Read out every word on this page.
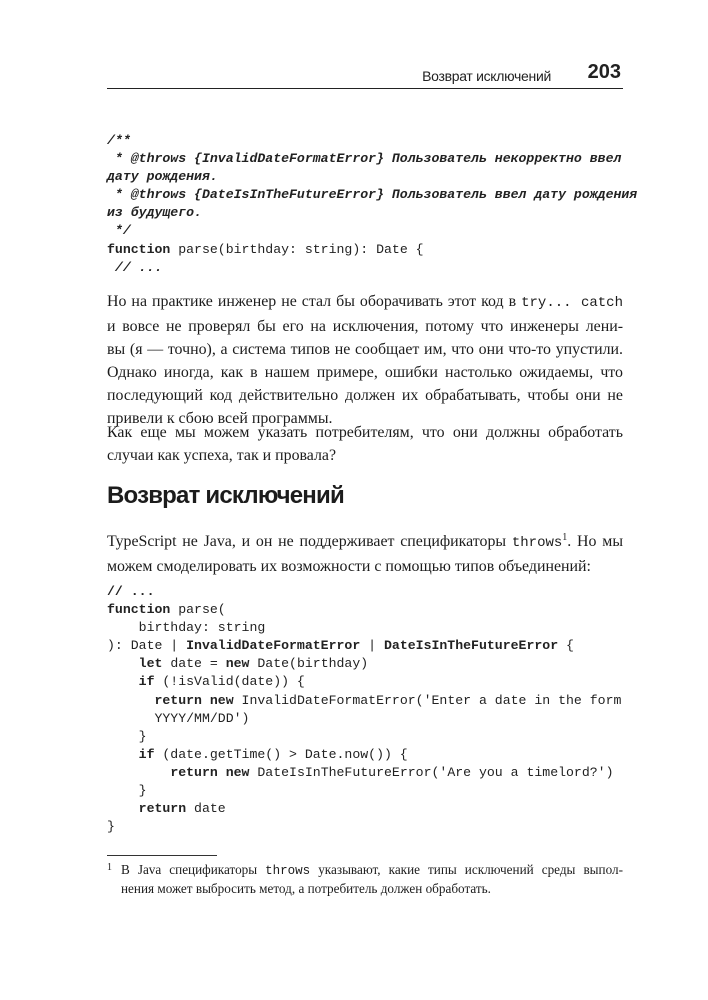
Возврат исключений 203
/**
* @throws {InvalidDateFormatError} Пользователь некорректно ввел
дату рождения.
* @throws {DateIsInTheFutureError} Пользователь ввел дату рождения
из будущего.
*/
function parse(birthday: string): Date {
// ...
Но на практике инженер не стал бы оборачивать этот код в try... catch
и вовсе не проверял бы его на исключения, потому что инженеры лени-
вы (я — точно), а система типов не сообщает им, что они что-то упустили.
Однако иногда, как в нашем примере, ошибки настолько ожидаемы, что
последующий код действительно должен их обрабатывать, чтобы они не
привели к сбою всей программы.
Как еще мы можем указать потребителям, что они должны обработать
случаи как успеха, так и провала?
Возврат исключений
TypeScript не Java, и он не поддерживает спецификаторы throws$^1$. Но мы
можем смоделировать их возможности с помощью типов объединений:
// ...
function parse(
birthday: string
): Date | InvalidDateFormatError | DateIsInTheFutureError {
let date = new Date(birthday)
if (!isValid(date)) {
return new InvalidDateFormatError('Enter a date in the form
YYYY/MM/DD')
}
if (date.getTime() > Date.now()) {
return new DateIsInTheFutureError('Are you a timelord?')
}
return date
}
1 В Java спецификаторы throws указывают, какие типы исключений среды выпол-
нения может выбросить метод, а потребитель должен обработать.
